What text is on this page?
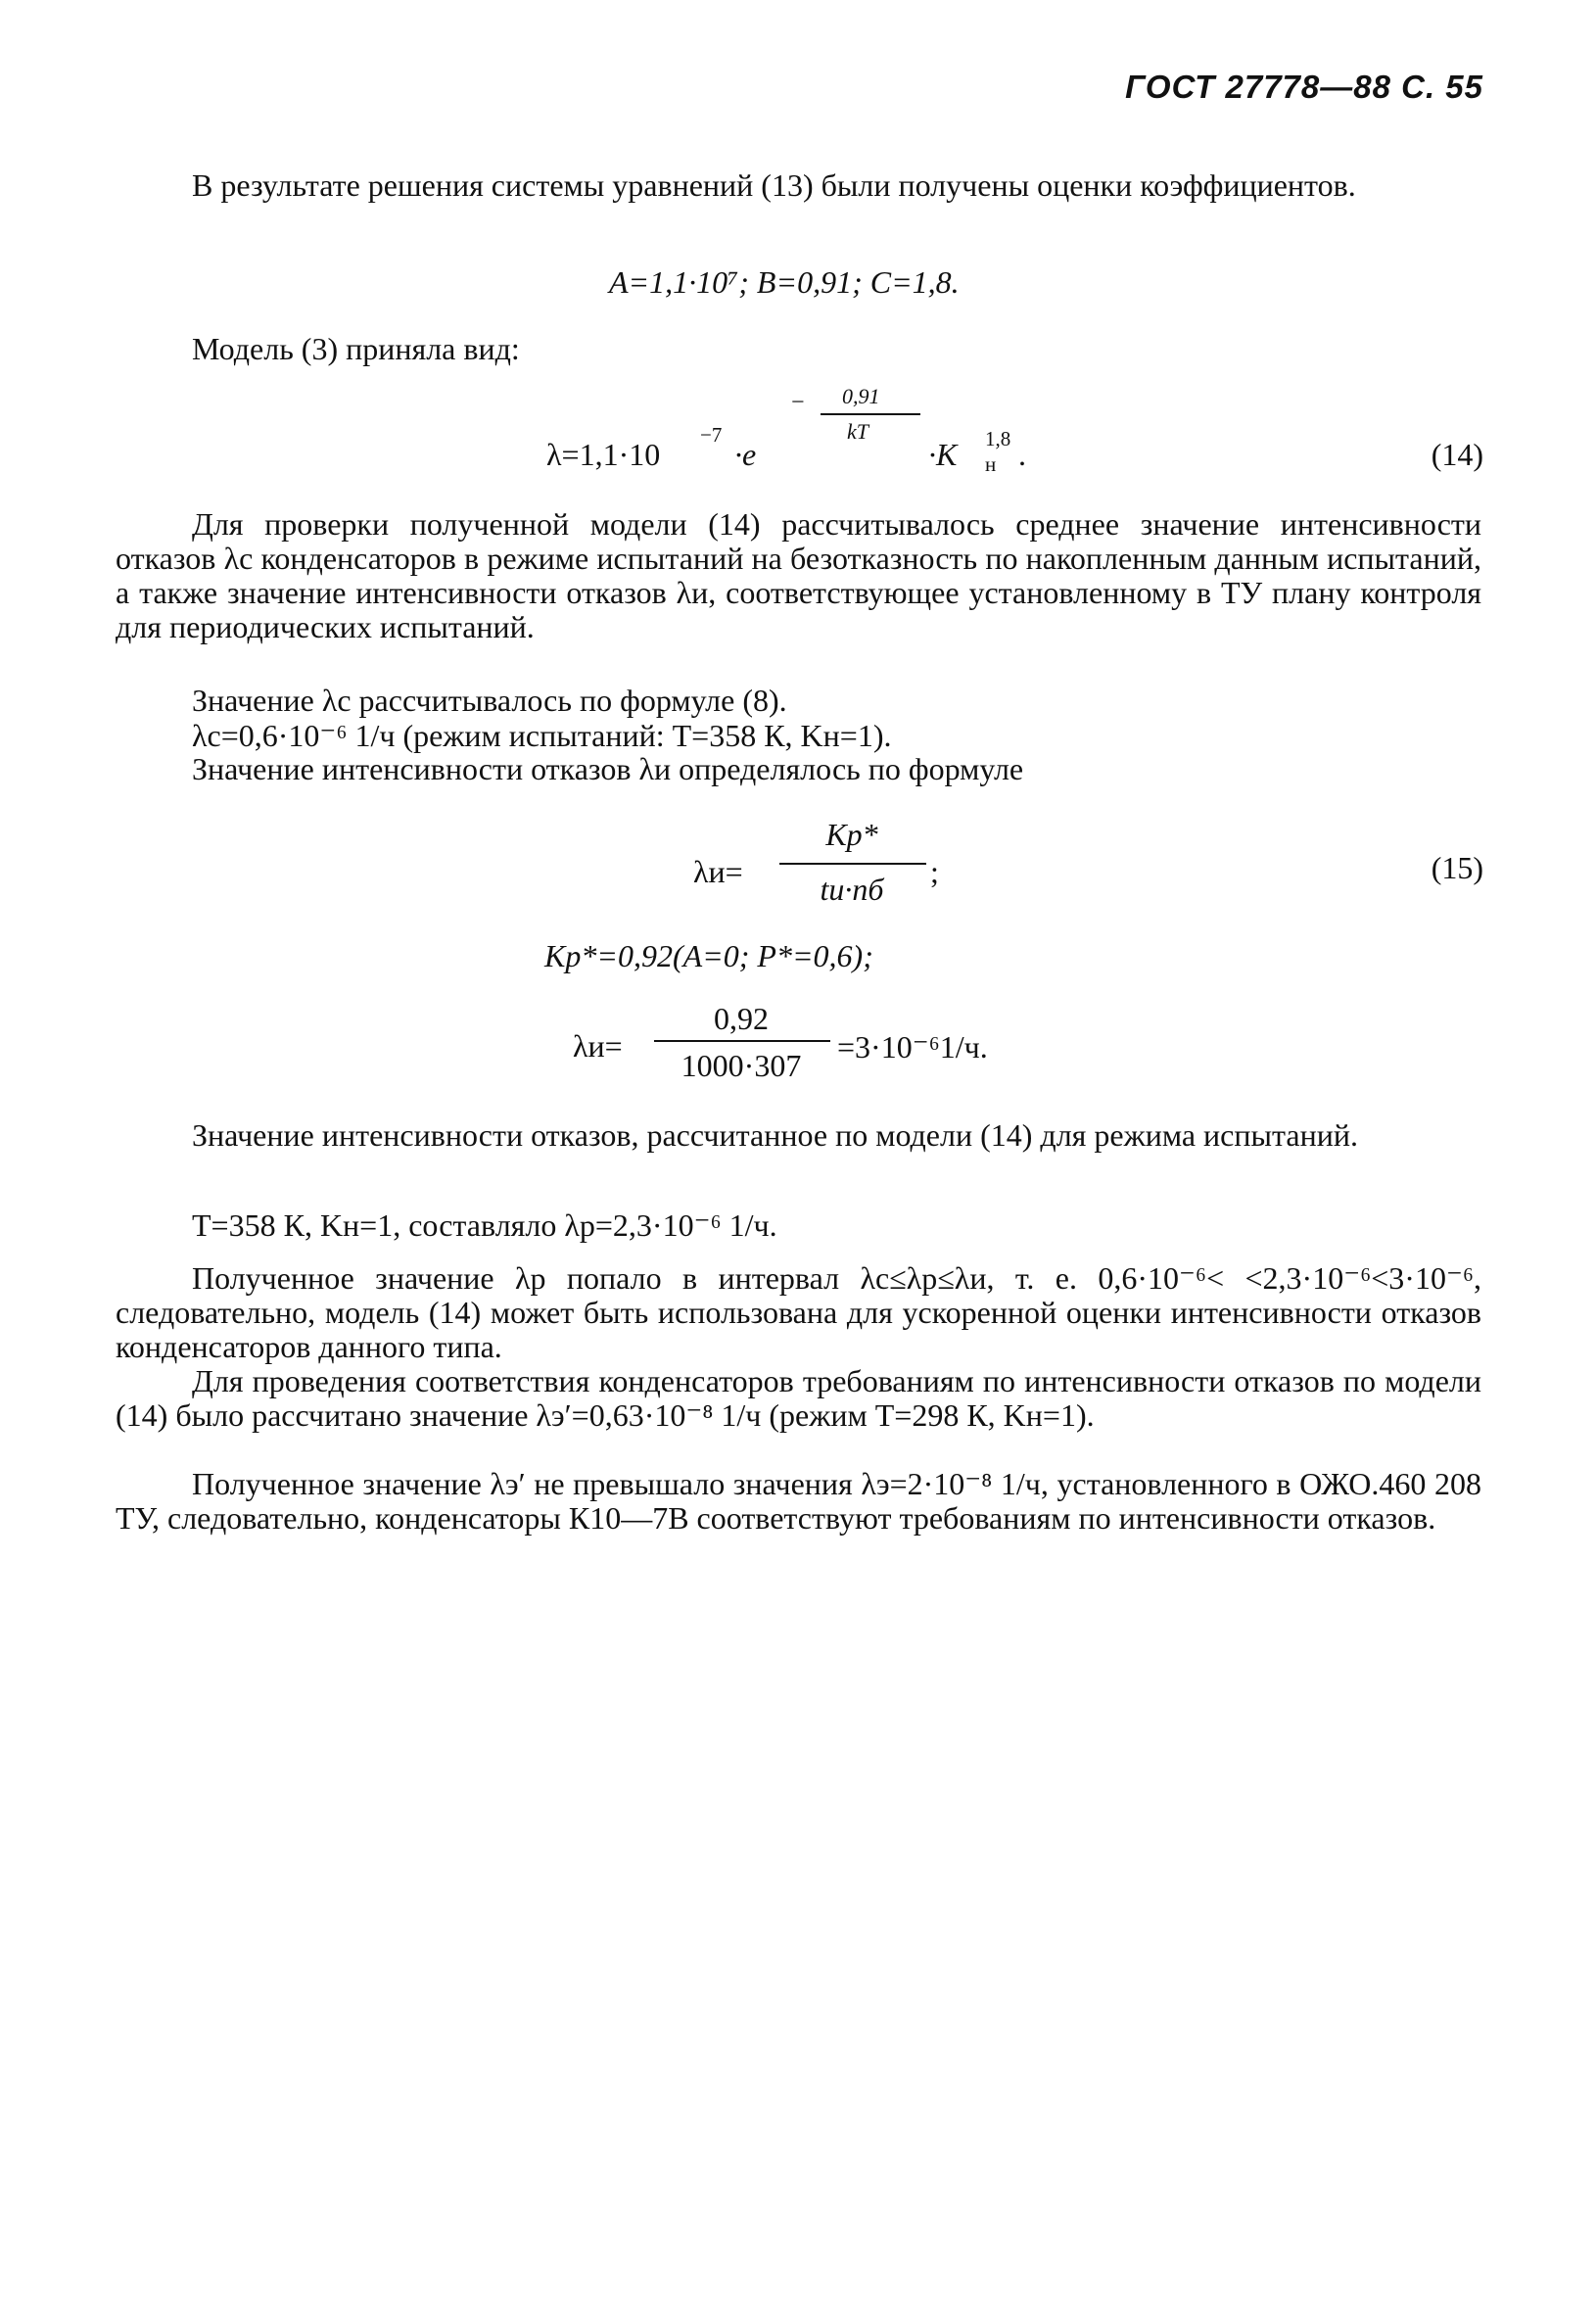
ГОСТ 27778—88 С. 55
В результате решения системы уравнений (13) были получены оценки коэффициентов.
A=1,1·10⁷; B=0,91; C=1,8.
Модель (3) приняла вид:
λ=1,1·10
−7
·e
− 0,91
kT
·K 1,8
н .	(14)
Для проверки полученной модели (14) рассчитывалось среднее значение интенсивности отказов λс конденсаторов в режиме испытаний на безотказность по накопленным данным испытаний, а также значение интенсивности отказов λи, соответствующее установленному в ТУ плану контроля для периодических испытаний.
Значение λс рассчитывалось по формуле (8).
λс=0,6·10⁻⁶ 1/ч (режим испытаний: T=358 К, Kн=1).
Значение интенсивности отказов λи определялось по формуле
λи=
Kp*
tи·nб	;	(15)
Kp*=0,92(A=0; P*=0,6);
λи=
0,92
1000·307
=3·10⁻⁶1/ч.
Значение интенсивности отказов, рассчитанное по модели (14) для режима испытаний.
T=358 К, Kн=1, составляло λр=2,3·10⁻⁶ 1/ч.
Полученное значение λр попало в интервал λс≤λр≤λи, т. е. 0,6·10⁻⁶< <2,3·10⁻⁶<3·10⁻⁶, следовательно, модель (14) может быть использована для ускоренной оценки интенсивности отказов конденсаторов данного типа.
Для проведения соответствия конденсаторов требованиям по интенсивности отказов по модели (14) было рассчитано значение λэ′=0,63·10⁻⁸ 1/ч (режим T=298 К, Kн=1).
Полученное значение λэ′ не превышало значения λэ=2·10⁻⁸ 1/ч, установленного в ОЖО.460 208 ТУ, следовательно, конденсаторы К10—7В соответствуют требованиям по интенсивности отказов.
